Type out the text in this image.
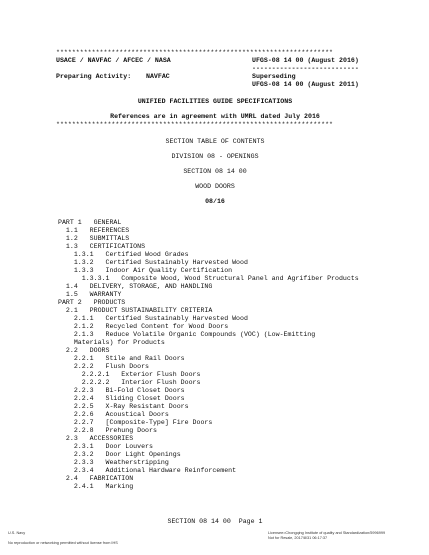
**********************************************************************
USACE / NAVFAC / AFCEC / NASA	UFGS-08 14 00 (August 2016)
---------------------------
Preparing Activity: NAVFAC	Superseding
UFGS-08 14 00 (August 2011)
UNIFIED FACILITIES GUIDE SPECIFICATIONS
References are in agreement with UMRL dated July 2016
**********************************************************************
SECTION TABLE OF CONTENTS
DIVISION 08 - OPENINGS
SECTION 08 14 00
WOOD DOORS
08/16
PART 1   GENERAL
1.1   REFERENCES
1.2   SUBMITTALS
1.3   CERTIFICATIONS
1.3.1   Certified Wood Grades
1.3.2   Certified Sustainably Harvested Wood
1.3.3   Indoor Air Quality Certification
1.3.3.1   Composite Wood, Wood Structural Panel and Agrifiber Products
1.4   DELIVERY, STORAGE, AND HANDLING
1.5   WARRANTY
PART 2   PRODUCTS
2.1   PRODUCT SUSTAINABILITY CRITERIA
2.1.1   Certified Sustainably Harvested Wood
2.1.2   Recycled Content for Wood Doors
2.1.3   Reduce Volatile Organic Compounds (VOC) (Low-Emitting
Materials) for Products
2.2   DOORS
2.2.1   Stile and Rail Doors
2.2.2   Flush Doors
2.2.2.1   Exterior Flush Doors
2.2.2.2   Interior Flush Doors
2.2.3   Bi-Fold Closet Doors
2.2.4   Sliding Closet Doors
2.2.5   X-Ray Resistant Doors
2.2.6   Acoustical Doors
2.2.7   [Composite-Type] Fire Doors
2.2.8   Prehung Doors
2.3   ACCESSORIES
2.3.1   Door Louvers
2.3.2   Door Light Openings
2.3.3   Weatherstripping
2.3.4   Additional Hardware Reinforcement
2.4   FABRICATION
2.4.1   Marking
SECTION 08 14 00  Page 1
U.S. Navy
No reproduction or networking permitted without license from IHS
Licensee=Chongqing Institute of quality and Standardization/5996999
Not for Resale, 2017/8/31 06:17:37
